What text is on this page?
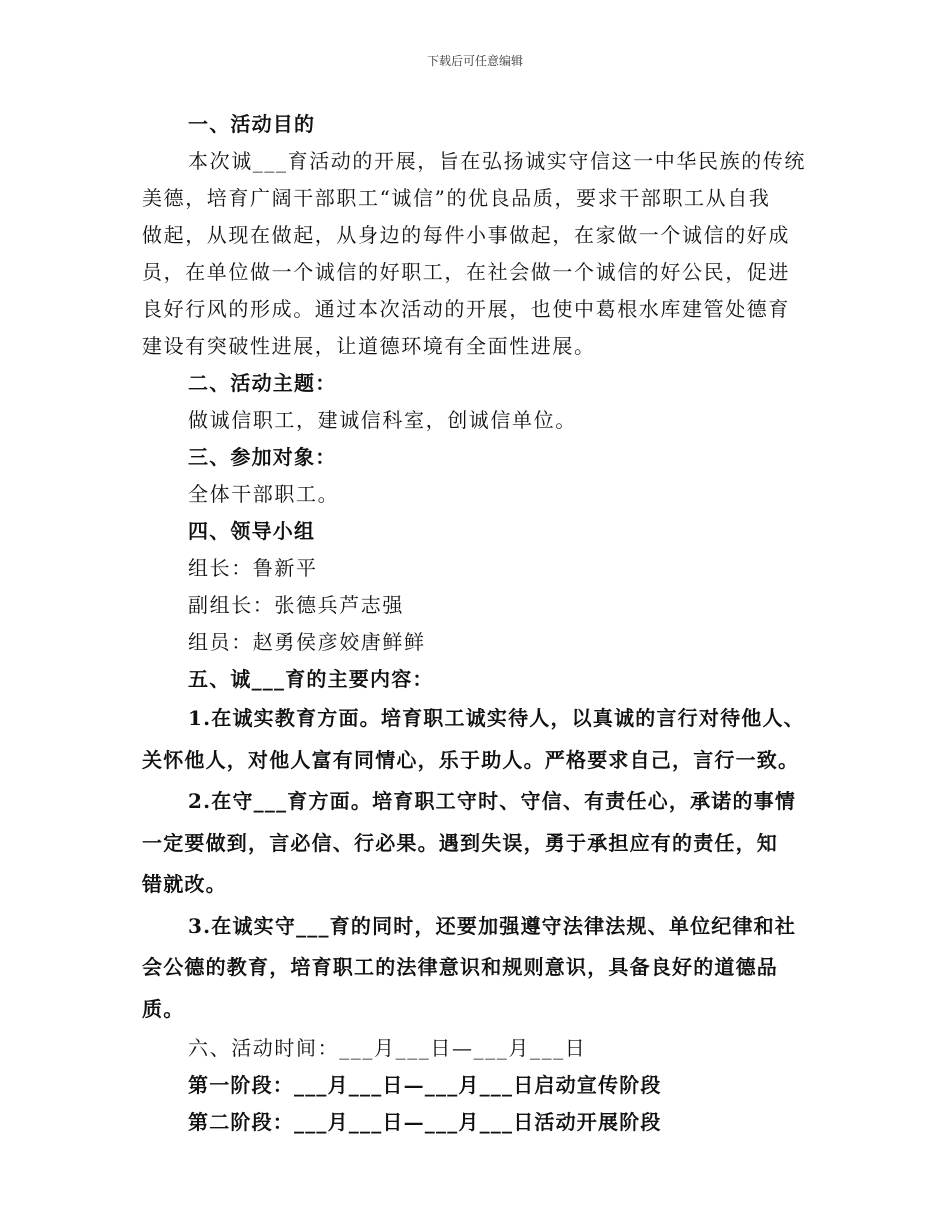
下载后可任意编辑
一、活动目的
本次诚___育活动的开展，旨在弘扬诚实守信这一中华民族的传统
美德，培育广阔干部职工“诚信”的优良品质，要求干部职工从自我
做起，从现在做起，从身边的每件小事做起，在家做一个诚信的好成
员，在单位做一个诚信的好职工，在社会做一个诚信的好公民，促进
良好行风的形成。通过本次活动的开展，也使中葛根水库建管处德育
建设有突破性进展，让道德环境有全面性进展。
二、活动主题：
做诚信职工，建诚信科室，创诚信单位。
三、参加对象：
全体干部职工。
四、领导小组
组长：鲁新平
副组长：张德兵芦志强
组员：赵勇侯彦姣唐鲜鲜
五、诚___育的主要内容：
1.在诚实教育方面。培育职工诚实待人，以真诚的言行对待他人、
关怀他人，对他人富有同情心，乐于助人。严格要求自己，言行一致。
2.在守___育方面。培育职工守时、守信、有责任心，承诺的事情
一定要做到，言必信、行必果。遇到失误，勇于承担应有的责任，知
错就改。
3.在诚实守___育的同时，还要加强遵守法律法规、单位纪律和社
会公德的教育，培育职工的法律意识和规则意识，具备良好的道德品
质。
六、活动时间：___月___日—___月___日
第一阶段：___月___日—___月___日启动宣传阶段
第二阶段：___月___日—___月___日活动开展阶段
